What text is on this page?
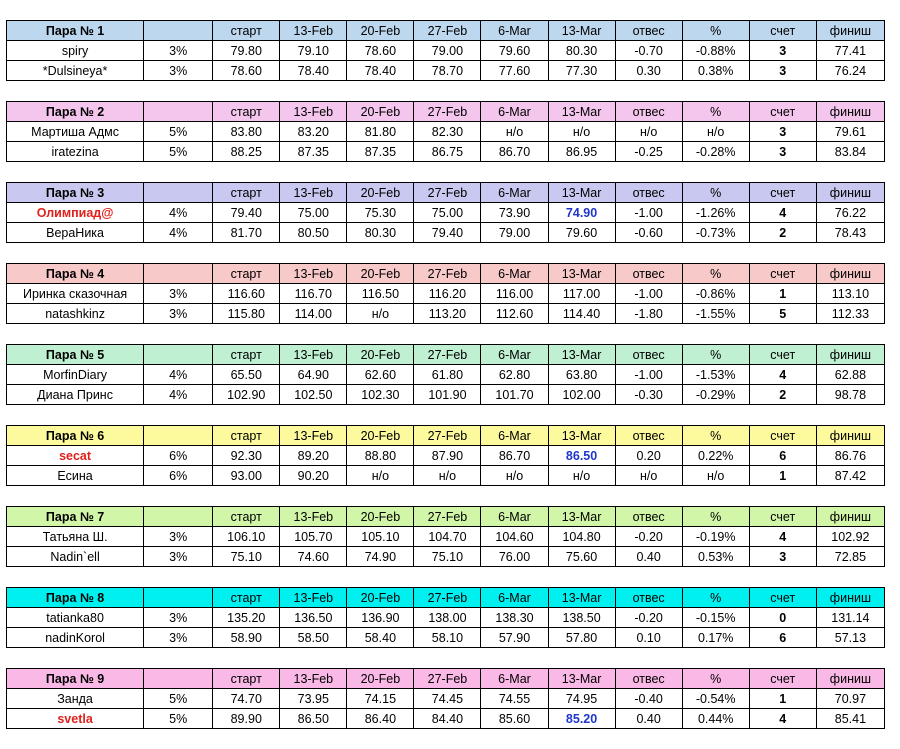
Пара № 1		старт	13-Feb	20-Feb	27-Feb	6-Mar	13-Mar	отвес	%	счет	финиш
spiry	3%	79.80	79.10	78.60	79.00	79.60	80.30	-0.70	-0.88%	3	77.41
*Dulsineya*	3%	78.60	78.40	78.40	78.70	77.60	77.30	0.30	0.38%	3	76.24
Пара № 2		старт	13-Feb	20-Feb	27-Feb	6-Mar	13-Mar	отвес	%	счет	финиш
Мартиша Адмс	5%	83.80	83.20	81.80	82.30	н/о	н/о	н/о	н/о	3	79.61
iratezina	5%	88.25	87.35	87.35	86.75	86.70	86.95	-0.25	-0.28%	3	83.84
Пара № 3		старт	13-Feb	20-Feb	27-Feb	6-Mar	13-Mar	отвес	%	счет	финиш
Олимпиад@	4%	79.40	75.00	75.30	75.00	73.90	74.90	-1.00	-1.26%	4	76.22
ВераНика	4%	81.70	80.50	80.30	79.40	79.00	79.60	-0.60	-0.73%	2	78.43
Пара № 4		старт	13-Feb	20-Feb	27-Feb	6-Mar	13-Mar	отвес	%	счет	финиш
Иринка сказочная	3%	116.60	116.70	116.50	116.20	116.00	117.00	-1.00	-0.86%	1	113.10
natashkinz	3%	115.80	114.00	н/о	113.20	112.60	114.40	-1.80	-1.55%	5	112.33
Пара № 5		старт	13-Feb	20-Feb	27-Feb	6-Mar	13-Mar	отвес	%	счет	финиш
MorfinDiary	4%	65.50	64.90	62.60	61.80	62.80	63.80	-1.00	-1.53%	4	62.88
Диана Принс	4%	102.90	102.50	102.30	101.90	101.70	102.00	-0.30	-0.29%	2	98.78
Пара № 6		старт	13-Feb	20-Feb	27-Feb	6-Mar	13-Mar	отвес	%	счет	финиш
secat	6%	92.30	89.20	88.80	87.90	86.70	86.50	0.20	0.22%	6	86.76
Есина	6%	93.00	90.20	н/о	н/о	н/о	н/о	н/о	н/о	1	87.42
Пара № 7		старт	13-Feb	20-Feb	27-Feb	6-Mar	13-Mar	отвес	%	счет	финиш
Татьяна Ш.	3%	106.10	105.70	105.10	104.70	104.60	104.80	-0.20	-0.19%	4	102.92
Nadin`ell	3%	75.10	74.60	74.90	75.10	76.00	75.60	0.40	0.53%	3	72.85
Пара № 8		старт	13-Feb	20-Feb	27-Feb	6-Mar	13-Mar	отвес	%	счет	финиш
tatianka80	3%	135.20	136.50	136.90	138.00	138.30	138.50	-0.20	-0.15%	0	131.14
nadinKorol	3%	58.90	58.50	58.40	58.10	57.90	57.80	0.10	0.17%	6	57.13
Пара № 9		старт	13-Feb	20-Feb	27-Feb	6-Mar	13-Mar	отвес	%	счет	финиш
Занда	5%	74.70	73.95	74.15	74.45	74.55	74.95	-0.40	-0.54%	1	70.97
svetla	5%	89.90	86.50	86.40	84.40	85.60	85.20	0.40	0.44%	4	85.41
